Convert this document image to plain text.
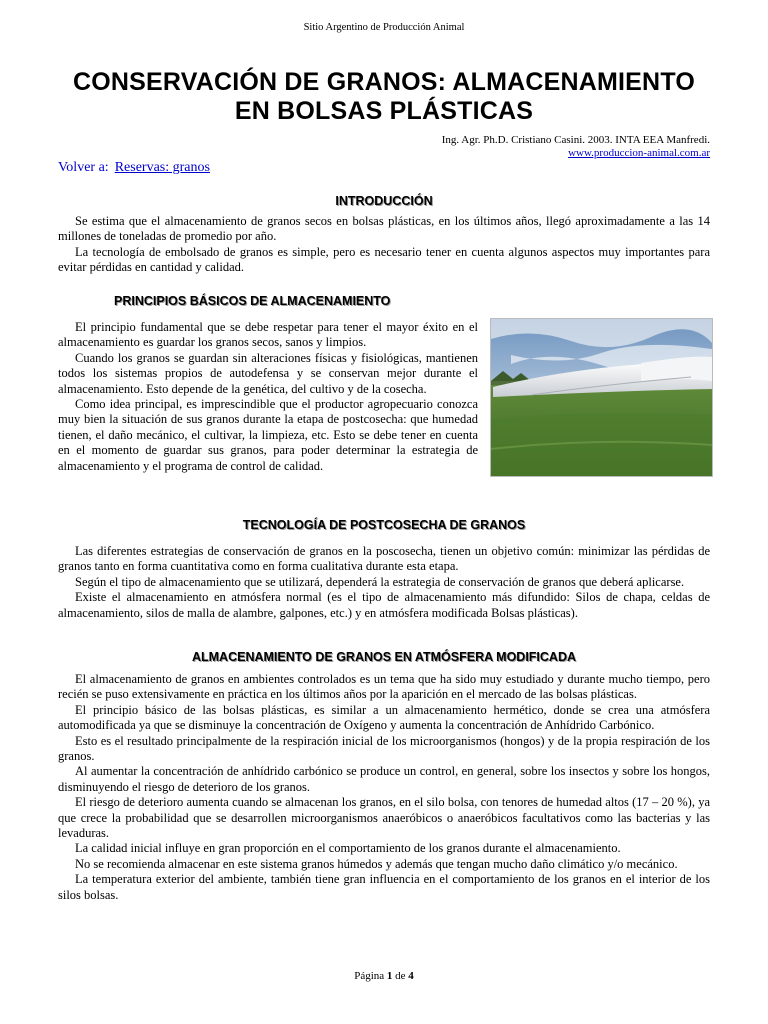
Sitio Argentino de Producción Animal
CONSERVACIÓN DE GRANOS: ALMACENAMIENTO
EN BOLSAS PLÁSTICAS
Ing. Agr. Ph.D. Cristiano Casini. 2003. INTA EEA Manfredi.
www.produccion-animal.com.ar
Volver a: Reservas: granos
INTRODUCCIÓN

Se estima que el almacenamiento de granos secos en bolsas plásticas, en los últimos años, llegó aproximadamente a las 14 millones de toneladas de promedio por año.

La tecnología de embolsado de granos es simple, pero es necesario tener en cuenta algunos aspectos muy importantes para evitar pérdidas en cantidad y calidad.

PRINCIPIOS BÁSICOS DE ALMACENAMIENTO

El principio fundamental que se debe respetar para tener el mayor éxito en el almacenamiento es guardar los granos secos, sanos y limpios.

Cuando los granos se guardan sin alteraciones físicas y fisiológicas, mantienen todos los sistemas propios de autodefensa y se conservan mejor durante el almacenamiento. Esto depende de la genética, del cultivo y de la cosecha.

Como idea principal, es imprescindible que el productor agropecuario conozca muy bien la situación de sus granos durante la etapa de postcosecha: que humedad tienen, el daño mecánico, el cultivar, la limpieza, etc. Esto se debe tener en cuenta en el momento de guardar sus granos, para poder determinar la estrategia de almacenamiento y el programa de control de calidad.

TECNOLOGÍA DE POSTCOSECHA DE GRANOS

Las diferentes estrategias de conservación de granos en la poscosecha, tienen un objetivo común: minimizar las pérdidas de granos tanto en forma cuantitativa como en forma cualitativa durante esta etapa.

Según el tipo de almacenamiento que se utilizará, dependerá la estrategia de conservación de granos que deberá aplicarse.

Existe el almacenamiento en atmósfera normal (es el tipo de almacenamiento más difundido: Silos de chapa, celdas de almacenamiento, silos de malla de alambre, galpones, etc.) y en atmósfera modificada Bolsas plásticas).

ALMACENAMIENTO DE GRANOS EN ATMÓSFERA MODIFICADA

El almacenamiento de granos en ambientes controlados es un tema que ha sido muy estudiado y durante mucho tiempo, pero recién se puso extensivamente en práctica en los últimos años por la aparición en el mercado de las bolsas plásticas.

El principio básico de las bolsas plásticas, es similar a un almacenamiento hermético, donde se crea una atmósfera automodificada ya que se disminuye la concentración de Oxígeno y aumenta la concentración de Anhídrido Carbónico.

Esto es el resultado principalmente de la respiración inicial de los microorganismos (hongos) y de la propia respiración de los granos.

Al aumentar la concentración de anhídrido carbónico se produce un control, en general, sobre los insectos y sobre los hongos, disminuyendo el riesgo de deterioro de los granos.

El riesgo de deterioro aumenta cuando se almacenan los granos, en el silo bolsa, con tenores de humedad altos (17 – 20 %), ya que crece la probabilidad que se desarrollen microorganismos anaeróbicos o anaeróbicos facultativos como las bacterias y las levaduras.

La calidad inicial influye en gran proporción en el comportamiento de los granos durante el almacenamiento.

No se recomienda almacenar en este sistema granos húmedos y además que tengan mucho daño climático y/o mecánico.

La temperatura exterior del ambiente, también tiene gran influencia en el comportamiento de los granos en el interior de los silos bolsas.

Página 1 de 4
